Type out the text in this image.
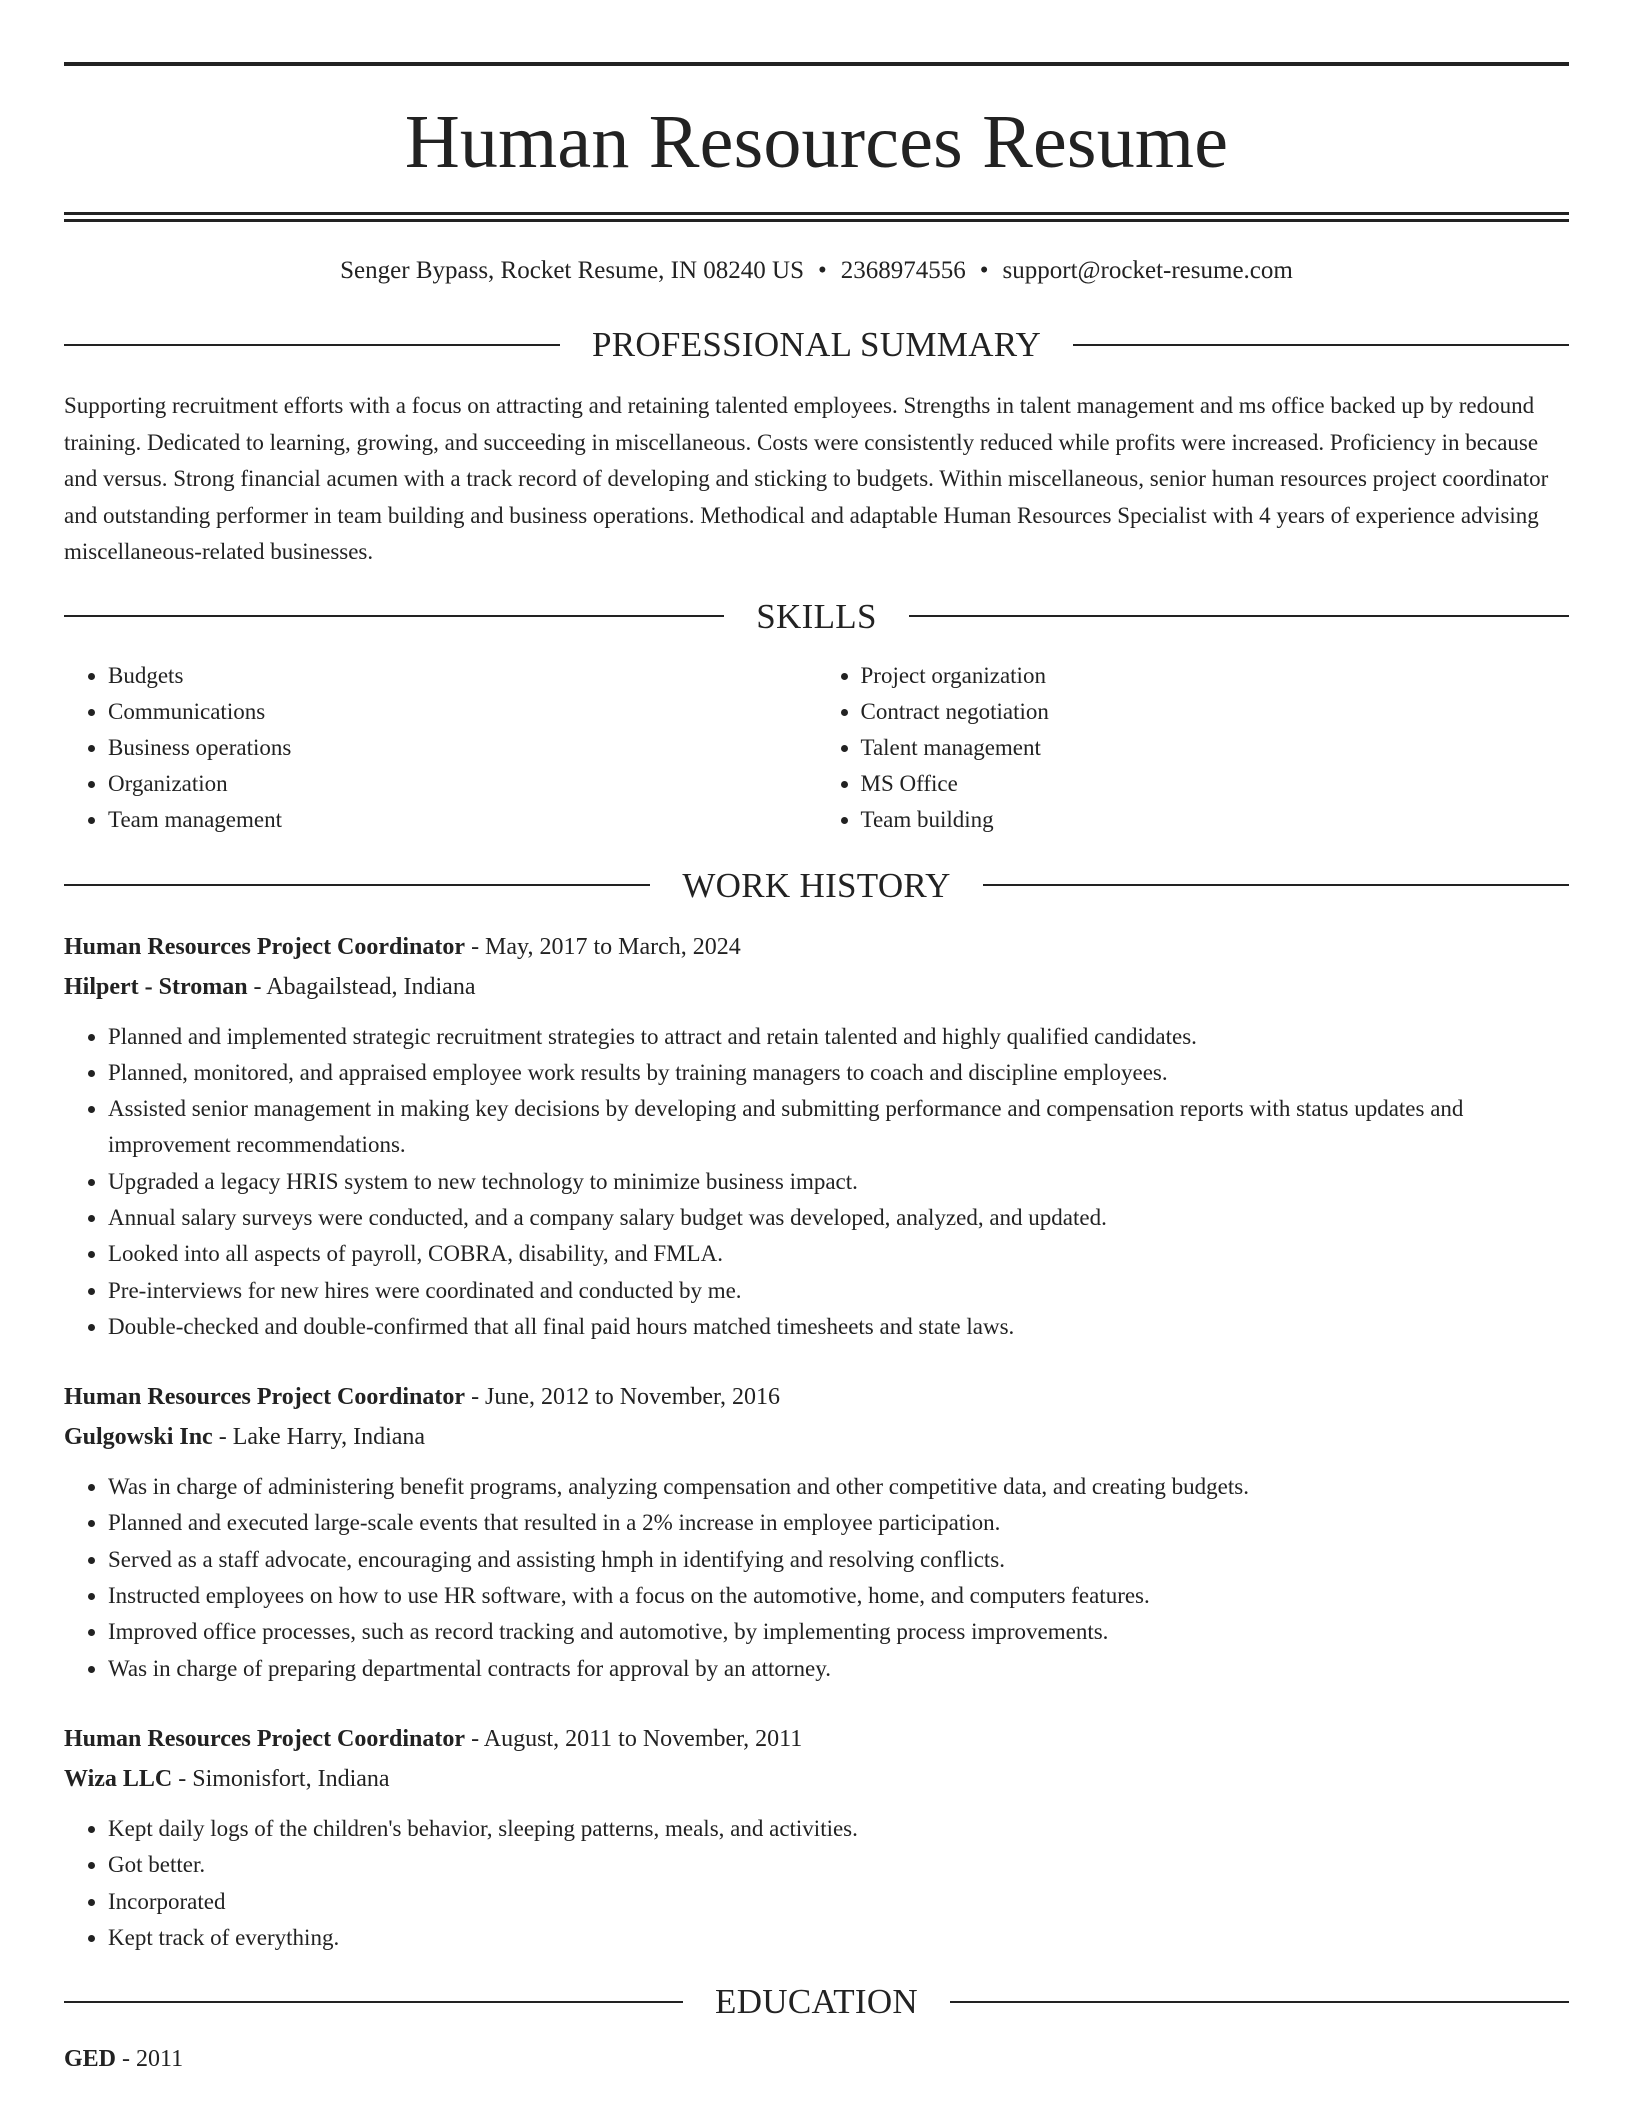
Human Resources Resume
Senger Bypass, Rocket Resume, IN 08240 US • 2368974556 • support@rocket-resume.com
PROFESSIONAL SUMMARY
Supporting recruitment efforts with a focus on attracting and retaining talented employees. Strengths in talent management and ms office backed up by redound training. Dedicated to learning, growing, and succeeding in miscellaneous. Costs were consistently reduced while profits were increased. Proficiency in because and versus. Strong financial acumen with a track record of developing and sticking to budgets. Within miscellaneous, senior human resources project coordinator and outstanding performer in team building and business operations. Methodical and adaptable Human Resources Specialist with 4 years of experience advising miscellaneous-related businesses.
SKILLS
• Budgets
• Communications
• Business operations
• Organization
• Team management
• Project organization
• Contract negotiation
• Talent management
• MS Office
• Team building
WORK HISTORY
Human Resources Project Coordinator - May, 2017 to March, 2024
Hilpert - Stroman - Abagailstead, Indiana
• Planned and implemented strategic recruitment strategies to attract and retain talented and highly qualified candidates.
• Planned, monitored, and appraised employee work results by training managers to coach and discipline employees.
• Assisted senior management in making key decisions by developing and submitting performance and compensation reports with status updates and improvement recommendations.
• Upgraded a legacy HRIS system to new technology to minimize business impact.
• Annual salary surveys were conducted, and a company salary budget was developed, analyzed, and updated.
• Looked into all aspects of payroll, COBRA, disability, and FMLA.
• Pre-interviews for new hires were coordinated and conducted by me.
• Double-checked and double-confirmed that all final paid hours matched timesheets and state laws.
Human Resources Project Coordinator - June, 2012 to November, 2016
Gulgowski Inc - Lake Harry, Indiana
• Was in charge of administering benefit programs, analyzing compensation and other competitive data, and creating budgets.
• Planned and executed large-scale events that resulted in a 2% increase in employee participation.
• Served as a staff advocate, encouraging and assisting hmph in identifying and resolving conflicts.
• Instructed employees on how to use HR software, with a focus on the automotive, home, and computers features.
• Improved office processes, such as record tracking and automotive, by implementing process improvements.
• Was in charge of preparing departmental contracts for approval by an attorney.
Human Resources Project Coordinator - August, 2011 to November, 2011
Wiza LLC - Simonisfort, Indiana
• Kept daily logs of the children's behavior, sleeping patterns, meals, and activities.
• Got better.
• Incorporated
• Kept track of everything.
EDUCATION
GED - 2011
